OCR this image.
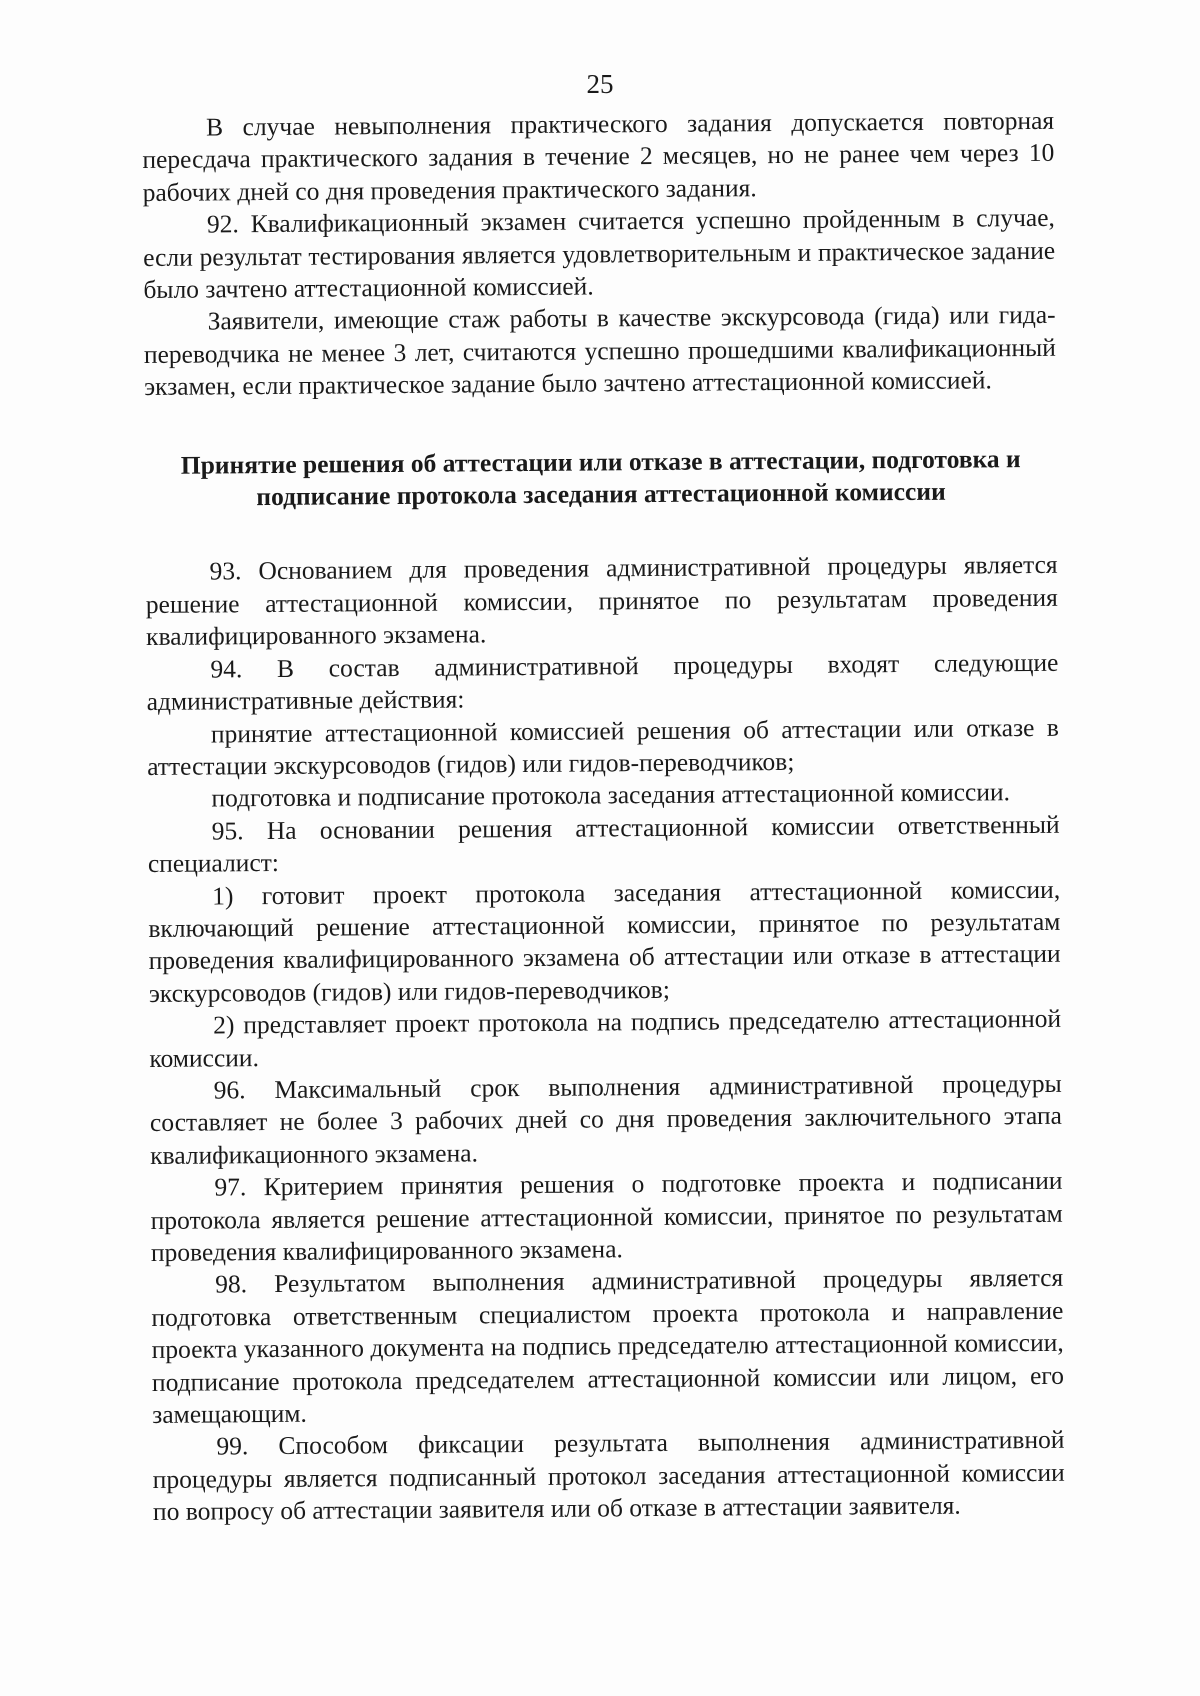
25

В случае невыполнения практического задания допускается повторная пересдача практического задания в течение 2 месяцев, но не ранее чем через 10 рабочих дней со дня проведения практического задания.

92. Квалификационный экзамен считается успешно пройденным в случае, если результат тестирования является удовлетворительным и практическое задание было зачтено аттестационной комиссией.

Заявители, имеющие стаж работы в качестве экскурсовода (гида) или гида-переводчика не менее 3 лет, считаются успешно прошедшими квалификационный экзамен, если практическое задание было зачтено аттестационной комиссией.

Принятие решения об аттестации или отказе в аттестации, подготовка и
подписание протокола заседания аттестационной комиссии

93. Основанием для проведения административной процедуры является решение аттестационной комиссии, принятое по результатам проведения квалифицированного экзамена.

94. В состав административной процедуры входят следующие административные действия:

принятие аттестационной комиссией решения об аттестации или отказе в аттестации экскурсоводов (гидов) или гидов-переводчиков;

подготовка и подписание протокола заседания аттестационной комиссии.

95. На основании решения аттестационной комиссии ответственный специалист:

1) готовит проект протокола заседания аттестационной комиссии, включающий решение аттестационной комиссии, принятое по результатам проведения квалифицированного экзамена об аттестации или отказе в аттестации экскурсоводов (гидов) или гидов-переводчиков;

2) представляет проект протокола на подпись председателю аттестационной комиссии.

96. Максимальный срок выполнения административной процедуры составляет не более 3 рабочих дней со дня проведения заключительного этапа квалификационного экзамена.

97. Критерием принятия решения о подготовке проекта и подписании протокола является решение аттестационной комиссии, принятое по результатам проведения квалифицированного экзамена.

98. Результатом выполнения административной процедуры является подготовка ответственным специалистом проекта протокола и направление проекта указанного документа на подпись председателю аттестационной комиссии, подписание протокола председателем аттестационной комиссии или лицом, его замещающим.

99. Способом фиксации результата выполнения административной процедуры является подписанный протокол заседания аттестационной комиссии по вопросу об аттестации заявителя или об отказе в аттестации заявителя.
